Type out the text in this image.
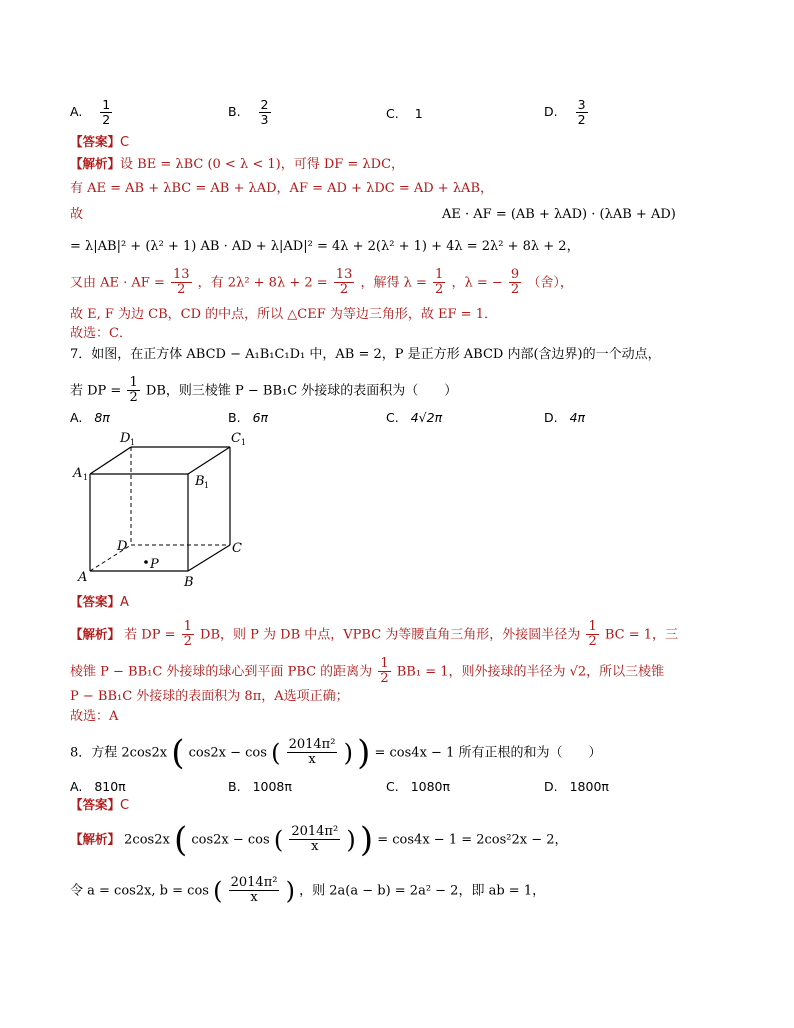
A. $\frac{1}{2}$	B. $\frac{2}{3}$	C. 1	D. $\frac{3}{2}$
【答案】C
【解析】设 BE = λBC (0 < λ < 1)，可得 DF = λDC，
有 AE = AB + λBC = AB + λAD，AF = AD + λDC = AD + λAB，
故	AE · AF = (AB + λAD) · (λAB + AD)
= λ|AB|² + (λ² + 1) AB · AD + λ|AD|² = 4λ + 2(λ² + 1) + 4λ = 2λ² + 8λ + 2，
又由 AE · AF = $\frac{13}{2}$ ，有 $2\lambda^2 + 8\lambda + 2 = \frac{13}{2}$ ，解得 $\lambda = \frac{1}{2}$ ，λ = − $\frac{9}{2}$ （舍），
故 E, F 为边 CB，CD 的中点，所以 △CEF 为等边三角形，故 EF = 1．
故选：C．
7．如图，在正方体 ABCD − A₁B₁C₁D₁ 中，AB = 2，P 是正方形 ABCD 内部(含边界)的一个动点，
若 DP = $\frac{1}{2}$ DB，则三棱锥 P − BB₁C 外接球的表面积为（　　）
A. 8π	B. 6π	C. 4√2π	D. 4π
D 1	C 1
A 1	B 1
D	C
A	B
P
【答案】A
【解析】 若 DP = $\frac{1}{2}$ DB，则 P 为 DB 中点，VPBC 为等腰直角三角形，外接圆半径为 $\frac{1}{2}$ BC = 1，三
棱锥 P − BB₁C 外接球的球心到平面 PBC 的距离为 $\frac{1}{2} BB_1 = 1$，则外接球的半径为 √2，所以三棱锥
P − BB₁C 外接球的表面积为 8π，A选项正确；
故选：A
8．方程 2cos2x ( cos2x − cos ( $\frac{\text{2014π²}}{x}$ ) ) = cos4x − 1 所有正根的和为（　　）
A. 810π	B. 1008π	C. 1080π	D. 1800π
【答案】C
【解析】 2cos2x ( cos2x − cos ( $\frac{\text{2014π²}}{x}$ ) ) = cos4x − 1 = 2cos²2x − 2，
令 a = cos2x, b = cos ( $\frac{\text{2014π²}}{x}$ ) ，则 2a(a − b) = 2a² − 2，即 ab = 1，
